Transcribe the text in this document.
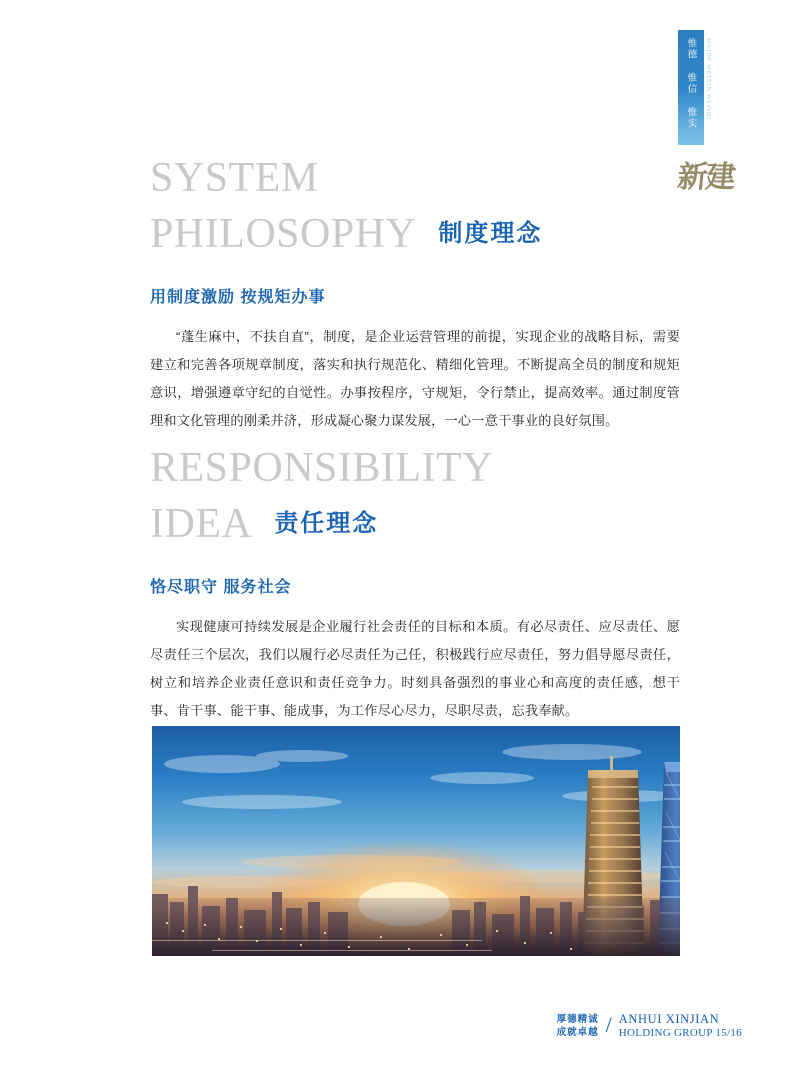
惟德 惟信 惟实 WEIDE WEIXIN WEISHI
新建
SYSTEM
PHILOSOPHY 制度理念
用制度激励 按规矩办事
“蓬生麻中，不扶自直”，制度，是企业运营管理的前提，实现企业的战略目标，需要建立和完善各项规章制度，落实和执行规范化、精细化管理。不断提高全员的制度和规矩意识，增强遵章守纪的自觉性。办事按程序，守规矩，令行禁止，提高效率。通过制度管理和文化管理的刚柔并济，形成凝心聚力谋发展，一心一意干事业的良好氛围。
RESPONSIBILITY
IDEA 责任理念
恪尽职守 服务社会
实现健康可持续发展是企业履行社会责任的目标和本质。有必尽责任、应尽责任、愿尽责任三个层次，我们以履行必尽责任为己任，积极践行应尽责任，努力倡导愿尽责任，树立和培养企业责任意识和责任竞争力。时刻具备强烈的事业心和高度的责任感，想干事、肯干事、能干事、能成事，为工作尽心尽力，尽职尽责，忘我奉献。
厚德精诚
成就卓越 / ANHUI XINJIAN
HOLDING GROUP 15/16
